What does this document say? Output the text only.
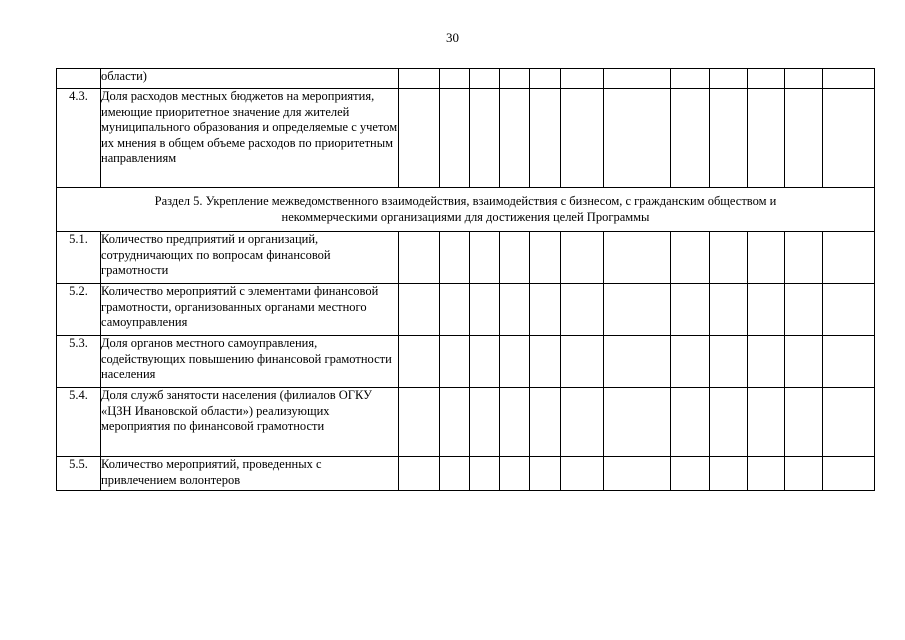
30
	области)												
4.3.	Доля расходов местных бюджетов на мероприятия, имеющие приоритетное значение для жителей муниципального образования и определяемые с учетом их мнения в общем объеме расходов по приоритетным направлениям												

Раздел 5. Укрепление межведомственного взаимодействия, взаимодействия с бизнесом, с гражданским обществом и
некоммерческими организациями для достижения целей Программы													

5.1.	Количество предприятий и организаций, сотрудничающих по вопросам финансовой грамотности												
5.2.	Количество мероприятий с элементами финансовой грамотности, организованных органами местного самоуправления												
5.3.	Доля органов местного самоуправления, содействующих повышению финансовой грамотности населения												
5.4.	Доля служб занятости населения (филиалов ОГКУ «ЦЗН Ивановской области») реализующих мероприятия по финансовой грамотности												
5.5.	Количество мероприятий, проведенных с привлечением волонтеров												
